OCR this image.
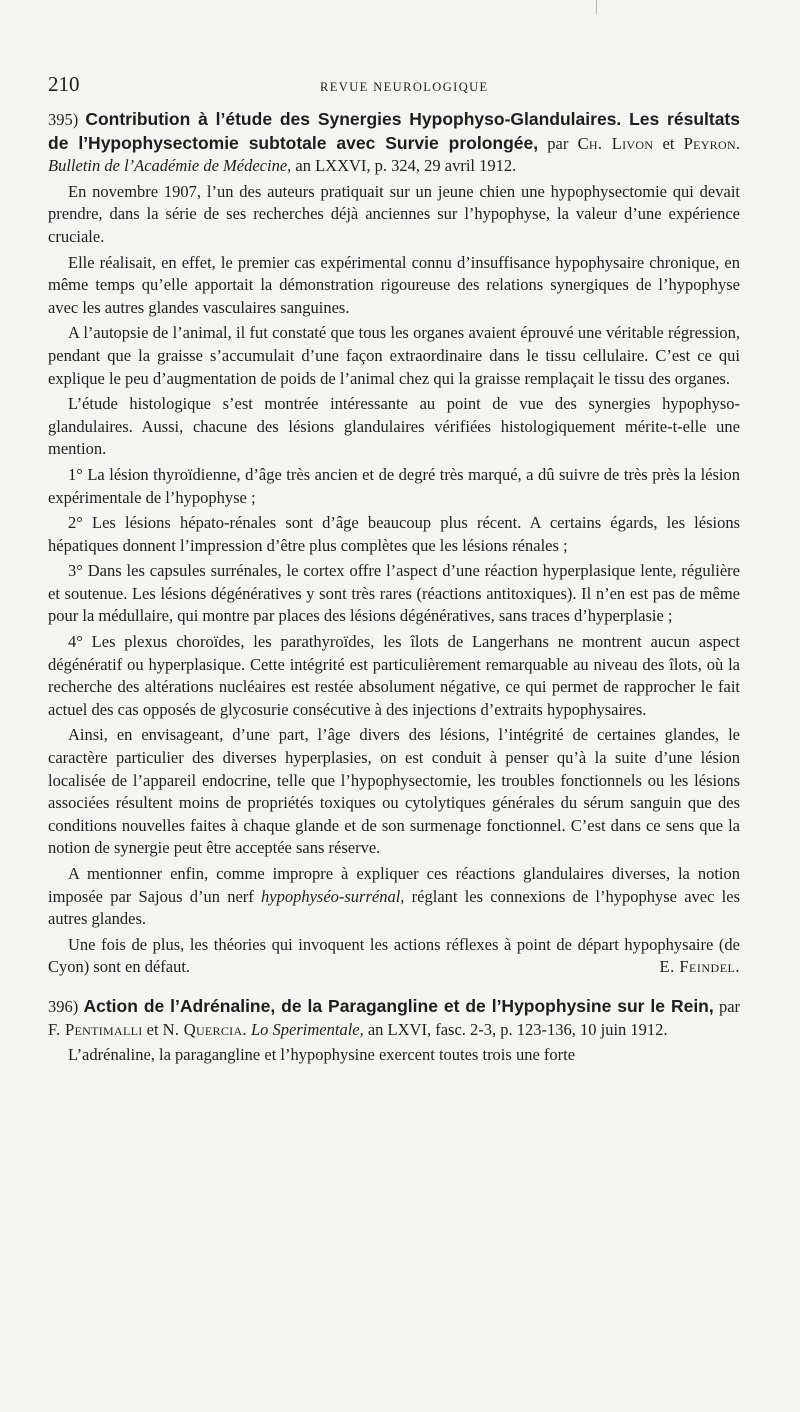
210	REVUE NEUROLOGIQUE

395) Contribution à l’étude des Synergies Hypophyso-Glandulaires. Les résultats de l’Hypophysectomie subtotale avec Survie prolongée, par Ch. Livon et Peyron. Bulletin de l’Académie de Médecine, an LXXVI, p. 324, 29 avril 1912.

En novembre 1907, l’un des auteurs pratiquait sur un jeune chien une hypophysectomie qui devait prendre, dans la série de ses recherches déjà anciennes sur l’hypophyse, la valeur d’une expérience cruciale.

Elle réalisait, en effet, le premier cas expérimental connu d’insuffisance hypophysaire chronique, en même temps qu’elle apportait la démonstration rigoureuse des relations synergiques de l’hypophyse avec les autres glandes vasculaires sanguines.

A l’autopsie de l’animal, il fut constaté que tous les organes avaient éprouvé une véritable régression, pendant que la graisse s’accumulait d’une façon extraordinaire dans le tissu cellulaire. C’est ce qui explique le peu d’augmentation de poids de l’animal chez qui la graisse remplaçait le tissu des organes.

L’étude histologique s’est montrée intéressante au point de vue des synergies hypophyso-glandulaires. Aussi, chacune des lésions glandulaires vérifiées histologiquement mérite-t-elle une mention.

1° La lésion thyroïdienne, d’âge très ancien et de degré très marqué, a dû suivre de très près la lésion expérimentale de l’hypophyse ;

2° Les lésions hépato-rénales sont d’âge beaucoup plus récent. A certains égards, les lésions hépatiques donnent l’impression d’être plus complètes que les lésions rénales ;

3° Dans les capsules surrénales, le cortex offre l’aspect d’une réaction hyperplasique lente, régulière et soutenue. Les lésions dégénératives y sont très rares (réactions antitoxiques). Il n’en est pas de même pour la médullaire, qui montre par places des lésions dégénératives, sans traces d’hyperplasie ;

4° Les plexus choroïdes, les parathyroïdes, les îlots de Langerhans ne montrent aucun aspect dégénératif ou hyperplasique. Cette intégrité est particulièrement remarquable au niveau des îlots, où la recherche des altérations nucléaires est restée absolument négative, ce qui permet de rapprocher le fait actuel des cas opposés de glycosurie consécutive à des injections d’extraits hypophysaires.

Ainsi, en envisageant, d’une part, l’âge divers des lésions, l’intégrité de certaines glandes, le caractère particulier des diverses hyperplasies, on est conduit à penser qu’à la suite d’une lésion localisée de l’appareil endocrine, telle que l’hypophysectomie, les troubles fonctionnels ou les lésions associées résultent moins de propriétés toxiques ou cytolytiques générales du sérum sanguin que des conditions nouvelles faites à chaque glande et de son surmenage fonctionnel. C’est dans ce sens que la notion de synergie peut être acceptée sans réserve.

A mentionner enfin, comme impropre à expliquer ces réactions glandulaires diverses, la notion imposée par Sajous d’un nerf hypophyséo-surrénal, réglant les connexions de l’hypophyse avec les autres glandes.

Une fois de plus, les théories qui invoquent les actions réflexes à point de départ hypophysaire (de Cyon) sont en défaut.	E. Feindel.

396) Action de l’Adrénaline, de la Paragangline et de l’Hypophysine sur le Rein, par F. Pentimalli et N. Quercia. Lo Sperimentale, an LXVI, fasc. 2-3, p. 123-136, 10 juin 1912.

L’adrénaline, la paragangline et l’hypophysine exercent toutes trois une forte
